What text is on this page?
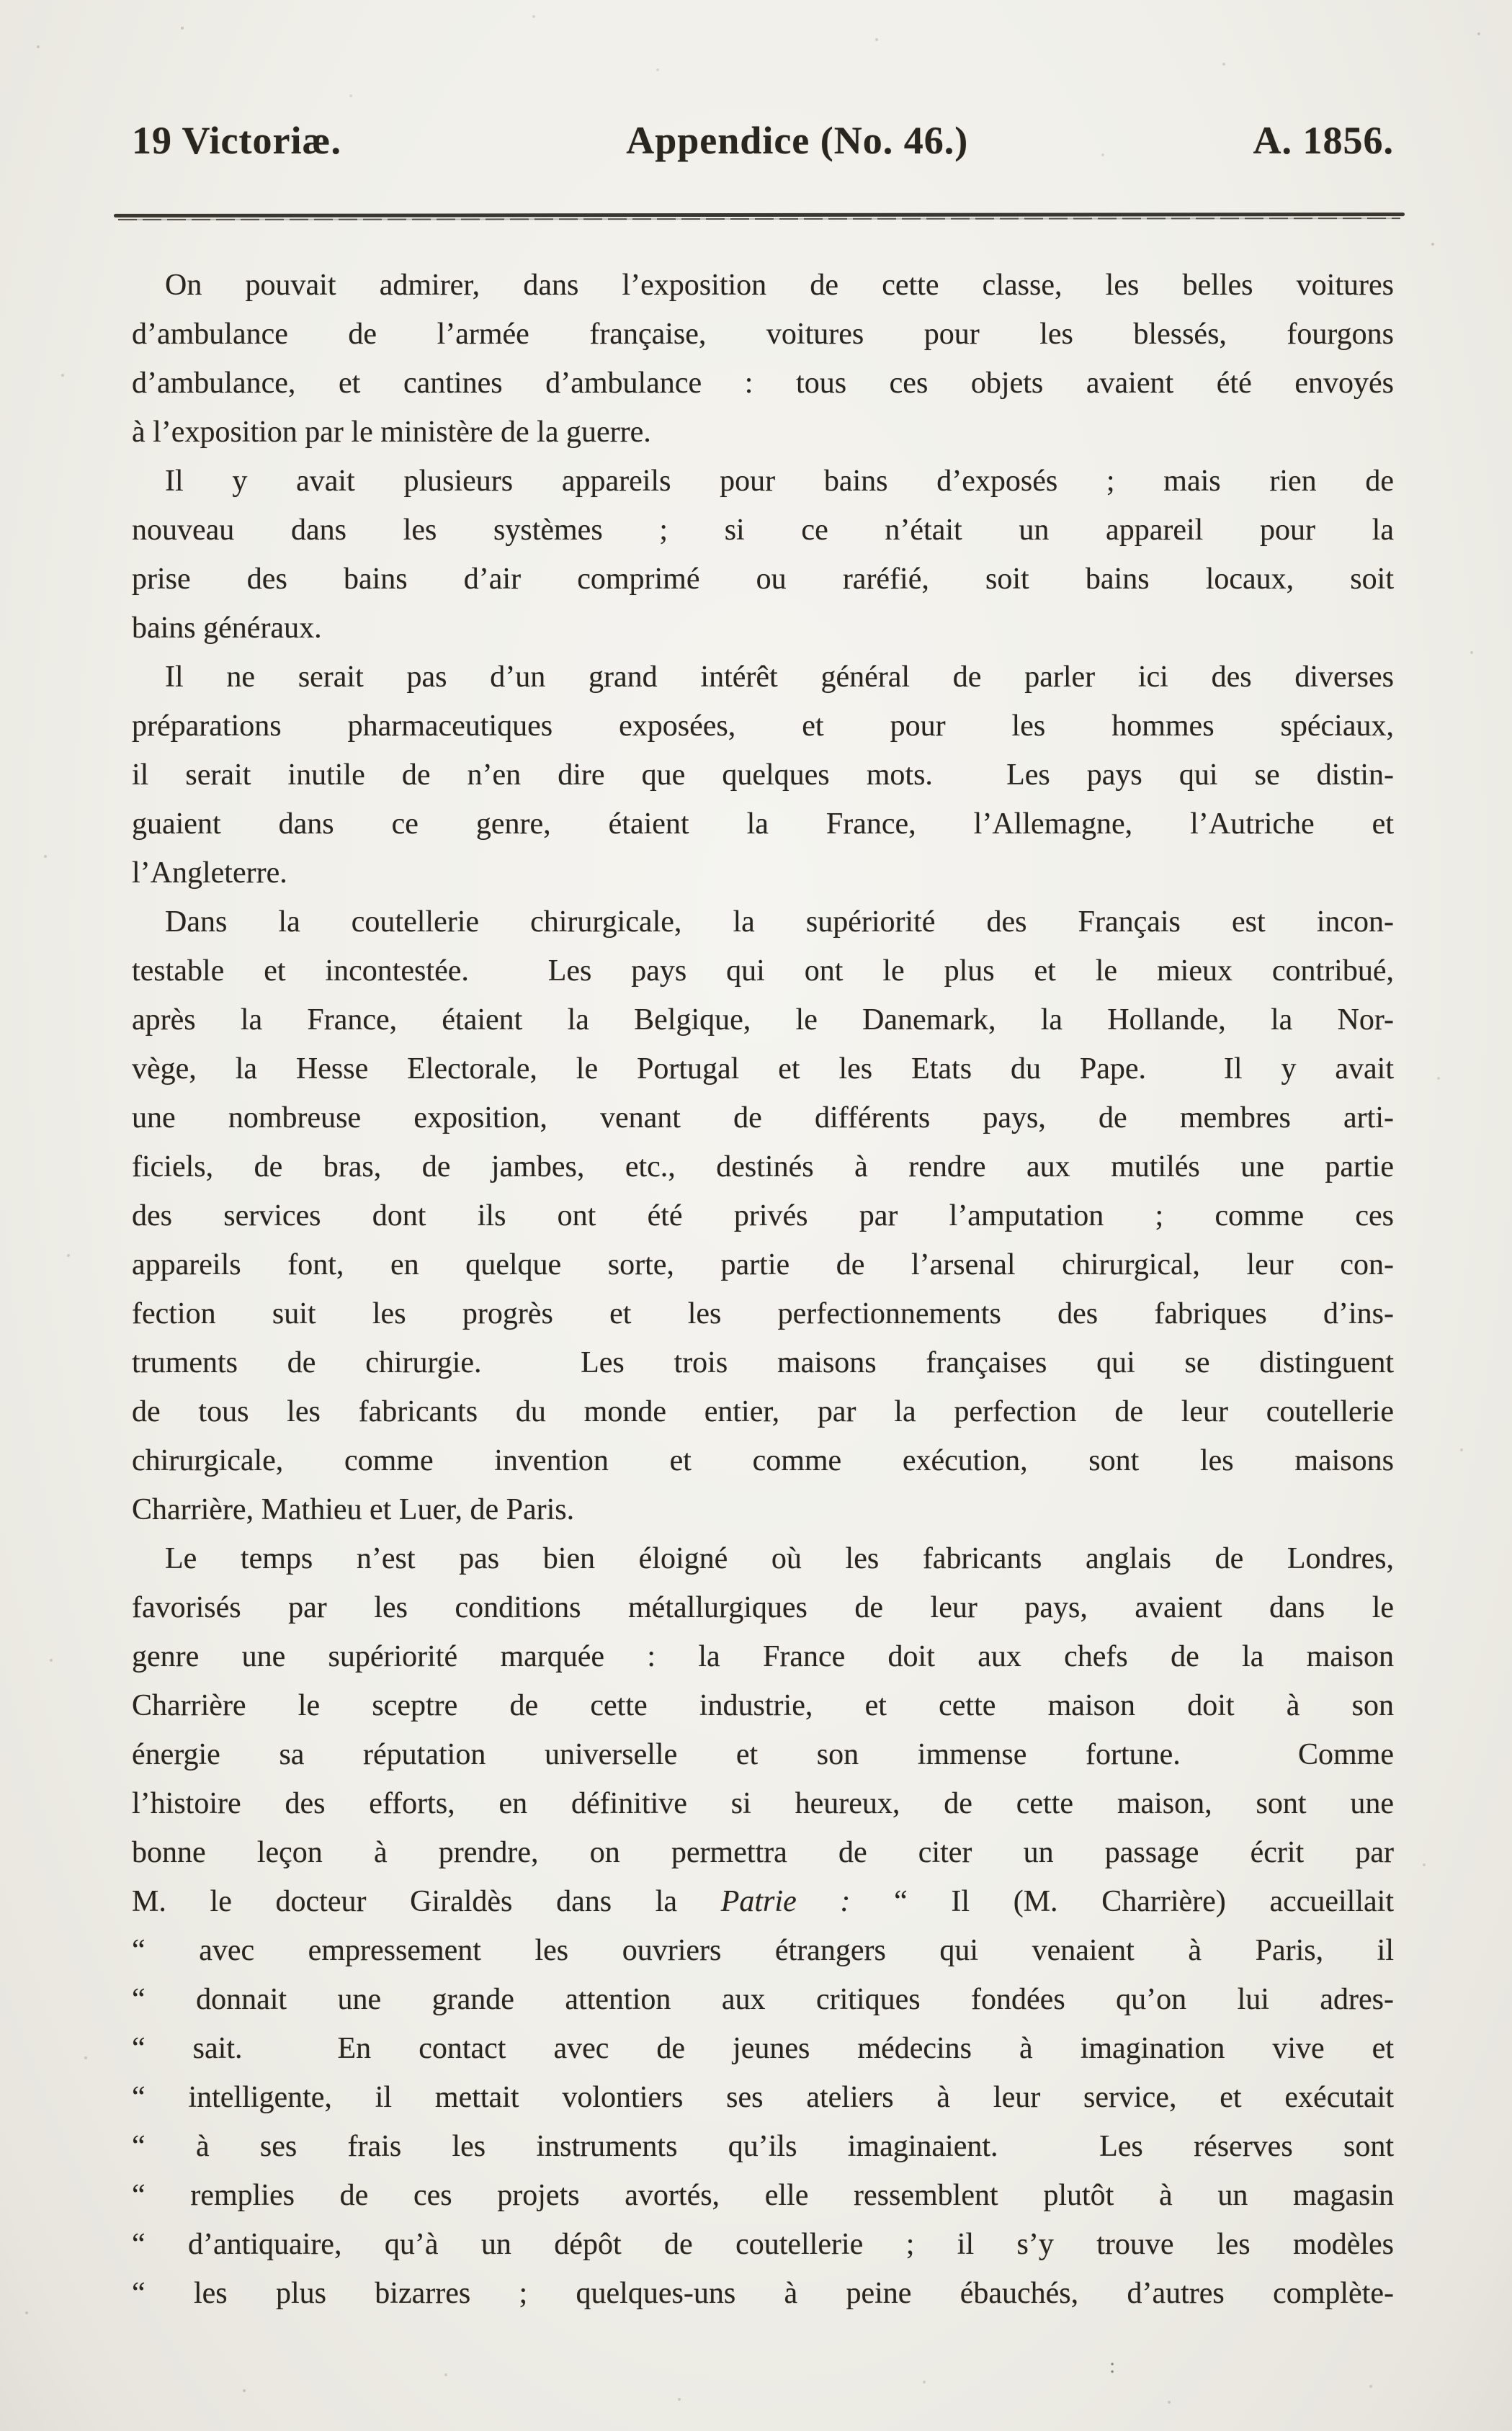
19 Victoriæ.	Appendice (No. 46.)	A. 1856.
On pouvait admirer, dans l’exposition de cette classe, les belles voitures
d’ambulance de l’armée française, voitures pour les blessés, fourgons
d’ambulance, et cantines d’ambulance : tous ces objets avaient été envoyés
à l’exposition par le ministère de la guerre.
Il y avait plusieurs appareils pour bains d’exposés ; mais rien de
nouveau dans les systèmes ; si ce n’était un appareil pour la
prise des bains d’air comprimé ou raréfié, soit bains locaux, soit
bains généraux.
Il ne serait pas d’un grand intérêt général de parler ici des diverses
préparations pharmaceutiques exposées, et pour les hommes spéciaux,
il serait inutile de n’en dire que quelques mots.  Les pays qui se distin-
guaient dans ce genre, étaient la France, l’Allemagne, l’Autriche et
l’Angleterre.
Dans la coutellerie chirurgicale, la supériorité des Français est incon-
testable et incontestée.  Les pays qui ont le plus et le mieux contribué,
après la France, étaient la Belgique, le Danemark, la Hollande, la Nor-
vège, la Hesse Electorale, le Portugal et les Etats du Pape.  Il y avait
une nombreuse exposition, venant de différents pays, de membres arti-
ficiels, de bras, de jambes, etc., destinés à rendre aux mutilés une partie
des services dont ils ont été privés par l’amputation ; comme ces
appareils font, en quelque sorte, partie de l’arsenal chirurgical, leur con-
fection suit les progrès et les perfectionnements des fabriques d’ins-
truments de chirurgie.  Les trois maisons françaises qui se distinguent
de tous les fabricants du monde entier, par la perfection de leur coutellerie
chirurgicale, comme invention et comme exécution, sont les maisons
Charrière, Mathieu et Luer, de Paris.
Le temps n’est pas bien éloigné où les fabricants anglais de Londres,
favorisés par les conditions métallurgiques de leur pays, avaient dans le
genre une supériorité marquée : la France doit aux chefs de la maison
Charrière le sceptre de cette industrie, et cette maison doit à son
énergie sa réputation universelle et son immense fortune.  Comme
l’histoire des efforts, en définitive si heureux, de cette maison, sont une
bonne leçon à prendre, on permettra de citer un passage écrit par
M. le docteur Giraldès dans la Patrie : “ Il (M. Charrière) accueillait
“ avec empressement les ouvriers étrangers qui venaient à Paris, il
“ donnait une grande attention aux critiques fondées qu’on lui adres-
“ sait.  En contact avec de jeunes médecins à imagination vive et
“ intelligente, il mettait volontiers ses ateliers à leur service, et exécutait
“ à ses frais les instruments qu’ils imaginaient.  Les réserves sont
“ remplies de ces projets avortés, elle ressemblent plutôt à un magasin
“ d’antiquaire, qu’à un dépôt de coutellerie ; il s’y trouve les modèles
“ les plus bizarres ; quelques-uns à peine ébauchés, d’autres complète-
:
